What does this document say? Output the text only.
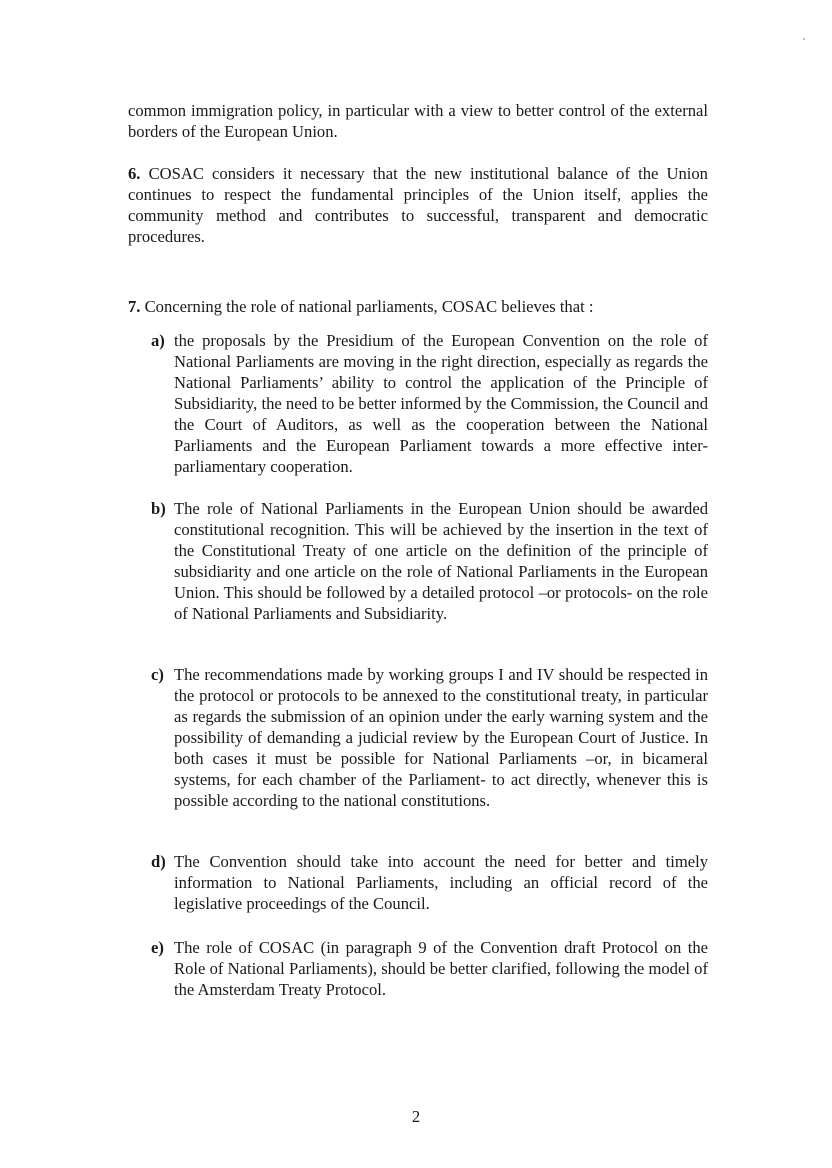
common immigration policy, in particular with a view to better control of the external borders of the European Union.

6. COSAC considers it necessary that the new institutional balance of the Union continues to respect the fundamental principles of the Union itself, applies the community method and contributes to successful, transparent and democratic procedures.

7. Concerning the role of national parliaments, COSAC believes that :

a) the proposals by the Presidium of the European Convention on the role of National Parliaments are moving in the right direction, especially as regards the National Parliaments’ ability to control the application of the Principle of Subsidiarity, the need to be better informed by the Commission, the Council and the Court of Auditors, as well as the cooperation between the National Parliaments and the European Parliament towards a more effective inter-parliamentary cooperation.
b) The role of National Parliaments in the European Union should be awarded constitutional recognition. This will be achieved by the insertion in the text of the Constitutional Treaty of one article on the definition of the principle of subsidiarity and one article on the role of National Parliaments in the European Union. This should be followed by a detailed protocol –or protocols- on the role of National Parliaments and Subsidiarity.
c) The recommendations made by working groups I and IV should be respected in the protocol or protocols to be annexed to the constitutional treaty, in particular as regards the submission of an opinion under the early warning system and the possibility of demanding a judicial review by the European Court of Justice. In both cases it must be possible for National Parliaments –or, in bicameral systems, for each chamber of the Parliament- to act directly, whenever this is possible according to the national constitutions.
d) The Convention should take into account the need for better and timely information to National Parliaments, including an official record of the legislative proceedings of the Council.
e) The role of COSAC (in paragraph 9 of the Convention draft Protocol on the Role of National Parliaments), should be better clarified, following the model of the Amsterdam Treaty Protocol.
2
